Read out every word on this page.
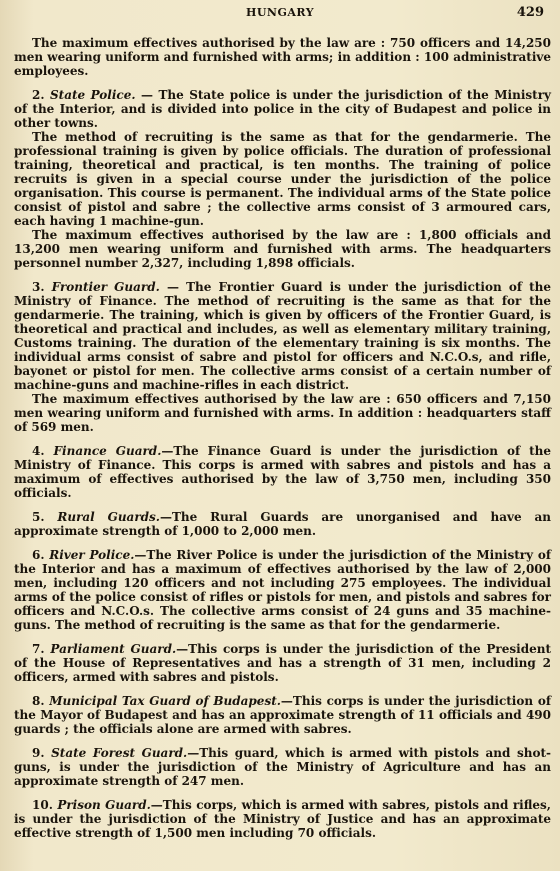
HUNGARY	429

The maximum effectives authorised by the law are : 750 officers and 14,250 men wearing uniform and furnished with arms; in addition : 100 administrative employees.

2. State Police. — The State police is under the jurisdiction of the Ministry of the Interior, and is divided into police in the city of Budapest and police in other towns.

The method of recruiting is the same as that for the gendarmerie. The professional training is given by police officials. The duration of professional training, theoretical and practical, is ten months. The training of police recruits is given in a special course under the jurisdiction of the police organisation. This course is permanent. The individual arms of the State police consist of pistol and sabre ; the collective arms consist of 3 armoured cars, each having 1 machine-gun.

The maximum effectives authorised by the law are : 1,800 officials and 13,200 men wearing uniform and furnished with arms. The headquarters personnel number 2,327, including 1,898 officials.

3. Frontier Guard. — The Frontier Guard is under the jurisdiction of the Ministry of Finance. The method of recruiting is the same as that for the gendarmerie. The training, which is given by officers of the Frontier Guard, is theoretical and practical and includes, as well as elementary military training, Customs training. The duration of the elementary training is six months. The individual arms consist of sabre and pistol for officers and N.C.O.s, and rifle, bayonet or pistol for men. The collective arms consist of a certain number of machine-guns and machine-rifles in each district.

The maximum effectives authorised by the law are : 650 officers and 7,150 men wearing uniform and furnished with arms. In addition : headquarters staff of 569 men.

4. Finance Guard.—The Finance Guard is under the jurisdiction of the Ministry of Finance. This corps is armed with sabres and pistols and has a maximum of effectives authorised by the law of 3,750 men, including 350 officials.

5. Rural Guards.—The Rural Guards are unorganised and have an approximate strength of 1,000 to 2,000 men.

6. River Police.—The River Police is under the jurisdiction of the Ministry of the Interior and has a maximum of effectives authorised by the law of 2,000 men, including 120 officers and not including 275 employees. The individual arms of the police consist of rifles or pistols for men, and pistols and sabres for officers and N.C.O.s. The collective arms consist of 24 guns and 35 machine-guns. The method of recruiting is the same as that for the gendarmerie.

7. Parliament Guard.—This corps is under the jurisdiction of the President of the House of Representatives and has a strength of 31 men, including 2 officers, armed with sabres and pistols.

8. Municipal Tax Guard of Budapest.—This corps is under the jurisdiction of the Mayor of Budapest and has an approximate strength of 11 officials and 490 guards ; the officials alone are armed with sabres.

9. State Forest Guard.—This guard, which is armed with pistols and shot-guns, is under the jurisdiction of the Ministry of Agriculture and has an approximate strength of 247 men.

10. Prison Guard.—This corps, which is armed with sabres, pistols and rifles, is under the jurisdiction of the Ministry of Justice and has an approximate effective strength of 1,500 men including 70 officials.
